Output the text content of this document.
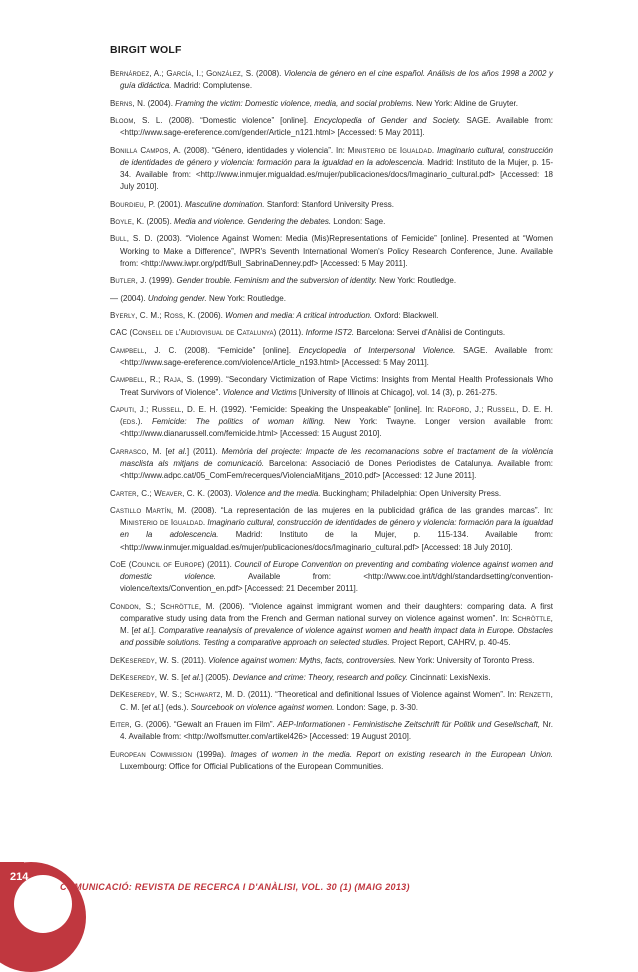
BIRGIT WOLF

Bernárdez, A.; García, I.; González, S. (2008). Violencia de género en el cine español. Análisis de los años 1998 a 2002 y guía didáctica. Madrid: Complutense.

Berns, N. (2004). Framing the victim: Domestic violence, media, and social problems. New York: Aldine de Gruyter.

Bloom, S. L. (2008). “Domestic violence” [online]. Encyclopedia of Gender and Society. SAGE. Available from: <http://www.sage-ereference.com/gender/Article_n121.html> [Accessed: 5 May 2011].

Bonilla Campos, A. (2008). “Género, identidades y violencia”. In: Ministerio de Igualdad. Imaginario cultural, construcción de identidades de género y violencia: formación para la igualdad en la adolescencia. Madrid: Instituto de la Mujer, p. 15-34. Available from: <http://www.inmujer.migualdad.es/mujer/publicaciones/docs/Imaginario_cultural.pdf> [Accessed: 18 July 2010].

Bourdieu, P. (2001). Masculine domination. Stanford: Stanford University Press.

Boyle, K. (2005). Media and violence. Gendering the debates. London: Sage.

Bull, S. D. (2003). “Violence Against Women: Media (Mis)Representations of Femicide” [online]. Presented at “Women Working to Make a Difference”, IWPR's Seventh International Women's Policy Research Conference, June. Available from: <http://www.iwpr.org/pdf/Bull_SabrinaDenney.pdf> [Accessed: 5 May 2011].

Butler, J. (1999). Gender trouble. Feminism and the subversion of identity. New York: Routledge.

— (2004). Undoing gender. New York: Routledge.

Byerly, C. M.; Ross, K. (2006). Women and media: A critical introduction. Oxford: Blackwell.

CAC (Consell de l'Audiovisual de Catalunya) (2011). Informe IST2. Barcelona: Servei d'Anàlisi de Continguts.

Campbell, J. C. (2008). “Femicide” [online]. Encyclopedia of Interpersonal Violence. SAGE. Available from: <http://www.sage-ereference.com/violence/Article_n193.html> [Accessed: 5 May 2011].

Campbell, R.; Raja, S. (1999). “Secondary Victimization of Rape Victims: Insights from Mental Health Professionals Who Treat Survivors of Violence”. Violence and Victims [University of Illinois at Chicago], vol. 14 (3), p. 261-275.

Caputi, J.; Russell, D. E. H. (1992). “Femicide: Speaking the Unspeakable” [online]. In: Radford, J.; Russell, D. E. H. (eds.). Femicide: The politics of woman killing. New York: Twayne. Longer version available from: <http://www.dianarussell.com/femicide.html> [Accessed: 15 August 2010].

Carrasco, M. [et al.] (2011). Memòria del projecte: Impacte de les recomanacions sobre el tractament de la violència masclista als mitjans de comunicació. Barcelona: Associació de Dones Periodistes de Catalunya. Available from: <http://www.adpc.cat/05_ComFem/recerques/ViolenciaMitjans_2010.pdf> [Accessed: 12 June 2011].

Carter, C.; Weaver, C. K. (2003). Violence and the media. Buckingham; Philadelphia: Open University Press.

Castillo Martín, M. (2008). “La representación de las mujeres en la publicidad gráfica de las grandes marcas”. In: Ministerio de Igualdad. Imaginario cultural, construcción de identidades de género y violencia: formación para la igualdad en la adolescencia. Madrid: Instituto de la Mujer, p. 115-134. Available from: <http://www.inmujer.migualdad.es/mujer/publicaciones/docs/Imaginario_cultural.pdf> [Accessed: 18 July 2010].

CoE (Council of Europe) (2011). Council of Europe Convention on preventing and combating violence against women and domestic violence. Available from: <http://www.coe.int/t/dghl/standardsetting/convention-violence/texts/Convention_en.pdf> [Accessed: 21 December 2011].

Condon, S.; Schröttle, M. (2006). “Violence against immigrant women and their daughters: comparing data. A first comparative study using data from the French and German national survey on violence against women”. In: Schröttle, M. [et al.]. Comparative reanalysis of prevalence of violence against women and health impact data in Europe. Obstacles and possible solutions. Testing a comparative approach on selected studies. Project Report, CAHRV, p. 40-45.

DeKeseredy, W. S. (2011). Violence against women: Myths, facts, controversies. New York: University of Toronto Press.

DeKeseredy, W. S. [et al.] (2005). Deviance and crime: Theory, research and policy. Cincinnati: LexisNexis.

DeKeseredy, W. S.; Schwartz, M. D. (2011). “Theoretical and definitional Issues of Violence against Women”. In: Renzetti, C. M. [et al.] (eds.). Sourcebook on violence against women. London: Sage, p. 3-30.

Eiter, G. (2006). “Gewalt an Frauen im Film”. AEP-Informationen - Feministische Zeitschrift für Politik und Gesellschaft, Nr. 4. Available from: <http://wolfsmutter.com/artikel426> [Accessed: 19 August 2010].

European Commission (1999a). Images of women in the media. Report on existing research in the European Union. Luxembourg: Office for Official Publications of the European Communities.

214
COMUNICACIÓ: REVISTA DE RECERCA I D'ANÀLISI, VOL. 30 (1) (MAIG 2013)
